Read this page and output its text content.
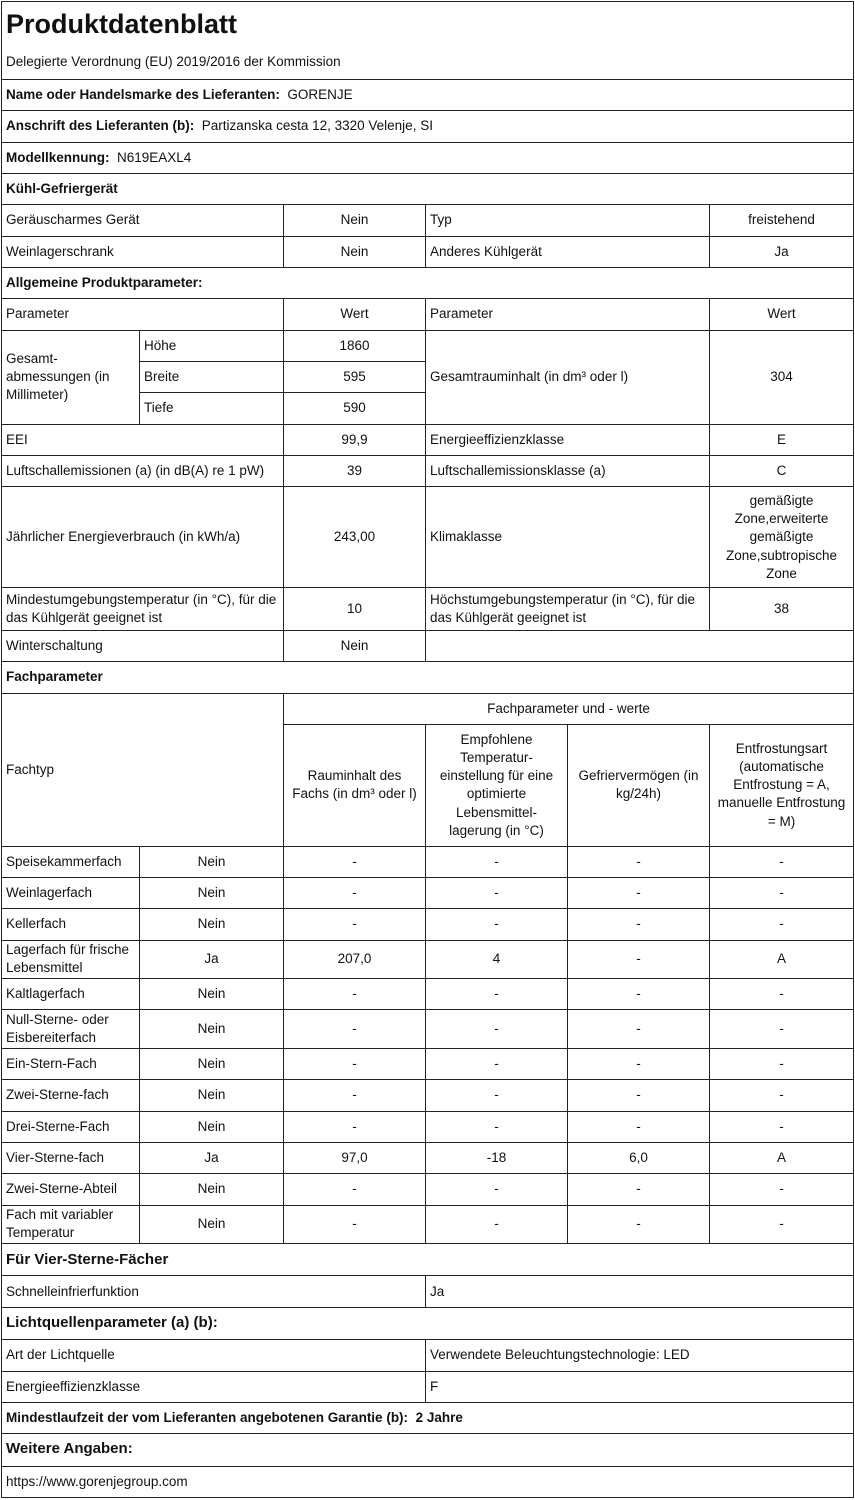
Produktdatenblatt					
Delegierte Verordnung (EU) 2019/2016 der Kommission					
Name oder Handelsmarke des Lieferanten: GORENJE					
Anschrift des Lieferanten (b): Partizanska cesta 12, 3320 Velenje, SI					
Modellkennung: N619EAXL4					
Kühl-Gefriergerät					
Geräuscharmes Gerät		Nein	Typ		freistehend
Weinlagerschrank		Nein	Anderes Kühlgerät		Ja
Allgemeine Produktparameter:					
Parameter		Wert	Parameter		Wert
Gesamt-abmessungen (in Millimeter)	Höhe	1860	Gesamtrauminhalt (in dm³ oder l)		304
	Breite	595			
	Tiefe	590			
EEI		99,9	Energieeffizienzklasse		E
Luftschallemissionen (a) (in dB(A) re 1 pW)		39	Luftschallemissionsklasse (a)		C
Jährlicher Energieverbrauch (in kWh/a)		243,00	Klimaklasse		gemäßigte Zone,erweiterte gemäßigte Zone,subtropische Zone
Mindestumgebungstemperatur (in °C), für die das Kühlgerät geeignet ist		10	Höchstumgebungstemperatur (in °C), für die das Kühlgerät geeignet ist		38
Winterschaltung		Nein			
Fachparameter					
Fachtyp		Fachparameter und - werte			
		Rauminhalt des Fachs (in dm³ oder l)	Empfohlene Temperatur-einstellung für eine optimierte Lebensmittel-lagerung (in °C)	Gefriervermögen (in kg/24h)	Entfrostungsart (automatische Entfrostung = A, manuelle Entfrostung = M)
Speisekammerfach	Nein	-	-	-	-
Weinlagerfach	Nein	-	-	-	-
Kellerfach	Nein	-	-	-	-
Lagerfach für frische Lebensmittel	Ja	207,0	4	-	A
Kaltlagerfach	Nein	-	-	-	-
Null-Sterne- oder Eisbereiterfach	Nein	-	-	-	-
Ein-Stern-Fach	Nein	-	-	-	-
Zwei-Sterne-fach	Nein	-	-	-	-
Drei-Sterne-Fach	Nein	-	-	-	-
Vier-Sterne-fach	Ja	97,0	-18	6,0	A
Zwei-Sterne-Abteil	Nein	-	-	-	-
Fach mit variabler Temperatur	Nein	-	-	-	-
Für Vier-Sterne-Fächer					
Schnelleinfrierfunktion			Ja		
Lichtquellenparameter (a) (b):					
Art der Lichtquelle			Verwendete Beleuchtungstechnologie: LED		
Energieeffizienzklasse			F		
Mindestlaufzeit der vom Lieferanten angebotenen Garantie (b): 2 Jahre					
Weitere Angaben:					
https://www.gorenjegroup.com					
